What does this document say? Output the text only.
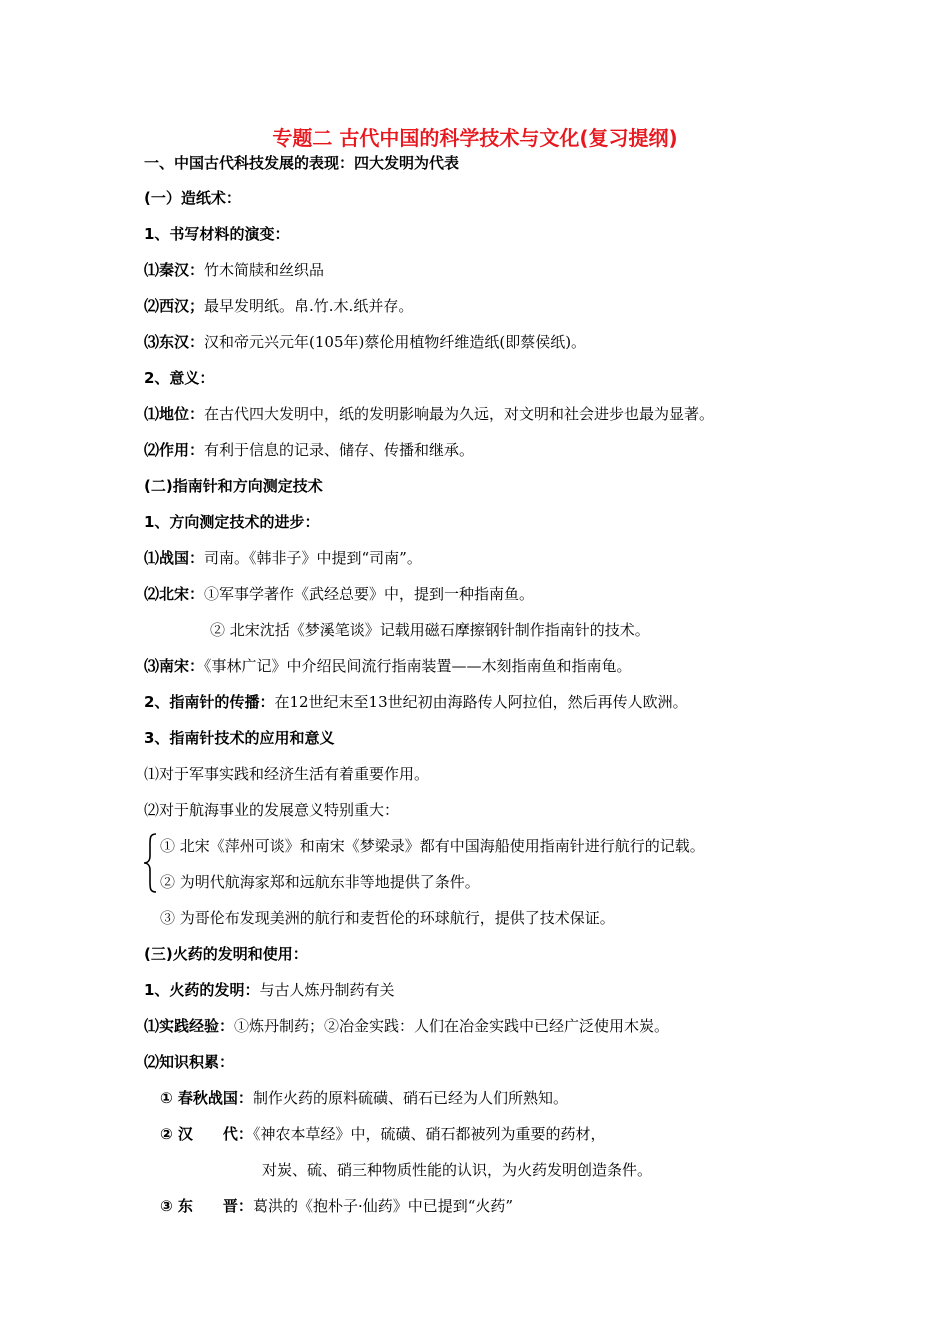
专题二 古代中国的科学技术与文化(复习提纲)
一、中国古代科技发展的表现：四大发明为代表
(一）造纸术：
1、书写材料的演变：
⑴秦汉：竹木简牍和丝织品
⑵西汉；最早发明纸。帛.竹.木.纸并存。
⑶东汉：汉和帝元兴元年(105年)蔡伦用植物纤维造纸(即蔡侯纸)。
2、意义：
⑴地位：在古代四大发明中，纸的发明影响最为久远，对文明和社会进步也最为显著。
⑵作用：有利于信息的记录、储存、传播和继承。
(二)指南针和方向测定技术
1、方向测定技术的进步：
⑴战国：司南。《韩非子》中提到“司南”。
⑵北宋：①军事学著作《武经总要》中，提到一种指南鱼。
② 北宋沈括《梦溪笔谈》记载用磁石摩擦钢针制作指南针的技术。
⑶南宋：《事林广记》中介绍民间流行指南装置——木刻指南鱼和指南龟。
2、指南针的传播：在12世纪末至13世纪初由海路传人阿拉伯，然后再传人欧洲。
3、指南针技术的应用和意义
⑴对于军事实践和经济生活有着重要作用。
⑵对于航海事业的发展意义特别重大：
① 北宋《萍州可谈》和南宋《梦梁录》都有中国海船使用指南针进行航行的记载。
② 为明代航海家郑和远航东非等地提供了条件。
③ 为哥伦布发现美洲的航行和麦哲伦的环球航行，提供了技术保证。
(三)火药的发明和使用：
1、火药的发明：与古人炼丹制药有关
⑴实践经验：①炼丹制药；②冶金实践：人们在冶金实践中已经广泛使用木炭。
⑵知识积累：
① 春秋战国：制作火药的原料硫磺、硝石已经为人们所熟知。
② 汉　　代：《神农本草经》中，硫磺、硝石都被列为重要的药材，
对炭、硫、硝三种物质性能的认识，为火药发明创造条件。
③ 东　　晋：葛洪的《抱朴子·仙药》中已提到“火药”
